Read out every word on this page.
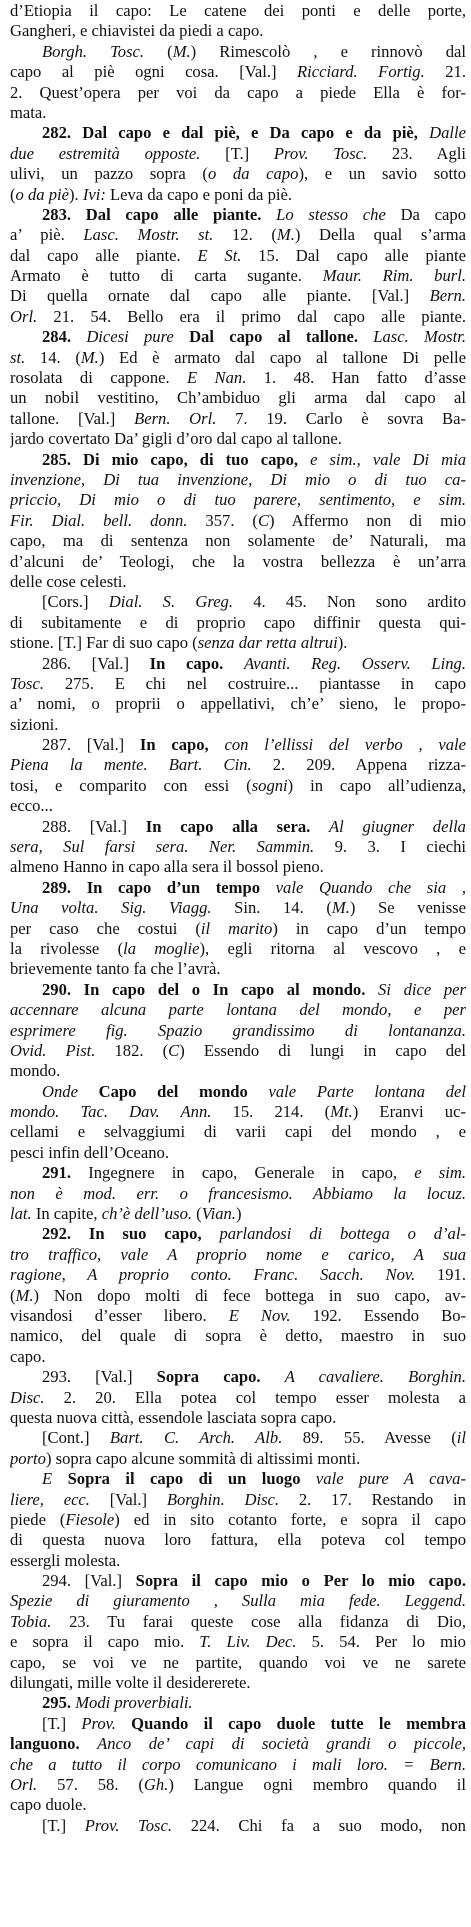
d’Etiopia il capo: Le catene dei ponti e delle porte,
Gangheri, e chiavistei da piedi a capo.
Borgh. Tosc. (M.) Rimescolò , e rinnovò dal
capo al piè ogni cosa. [Val.] Ricciard. Fortig. 21.
2. Quest’opera per voi da capo a piede Ella è for-
mata.
282. Dal capo e dal piè, e Da capo e da piè, Dalle
due estremità opposte. [T.] Prov. Tosc. 23. Agli
ulivi, un pazzo sopra (o da capo), e un savio sotto
(o da piè). Ivi: Leva da capo e poni da piè.
283. Dal capo alle piante. Lo stesso che Da capo
a’ piè. Lasc. Mostr. st. 12. (M.) Della qual s’arma
dal capo alle piante. E St. 15. Dal capo alle piante
Armato è tutto di carta sugante. Maur. Rim. burl.
Di quella ornate dal capo alle piante. [Val.] Bern.
Orl. 21. 54. Bello era il primo dal capo alle piante.
284. Dicesi pure Dal capo al tallone. Lasc. Mostr.
st. 14. (M.) Ed è armato dal capo al tallone Di pelle
rosolata di cappone. E Nan. 1. 48. Han fatto d’asse
un nobil vestitino, Ch’ambiduo gli arma dal capo al
tallone. [Val.] Bern. Orl. 7. 19. Carlo è sovra Ba-
jardo covertato Da’ gigli d’oro dal capo al tallone.
285. Di mio capo, di tuo capo, e sim., vale Di mia
invenzione, Di tua invenzione, Di mio o di tuo ca-
priccio, Di mio o di tuo parere, sentimento, e sim.
Fir. Dial. bell. donn. 357. (C) Affermo non di mio
capo, ma di sentenza non solamente de’ Naturali, ma
d’alcuni de’ Teologi, che la vostra bellezza è un’arra
delle cose celesti.
[Cors.] Dial. S. Greg. 4. 45. Non sono ardito
di subitamente e di proprio capo diffinir questa qui-
stione. [T.] Far di suo capo (senza dar retta altrui).
286. [Val.] In capo. Avanti. Reg. Osserv. Ling.
Tosc. 275. E chi nel costruire... piantasse in capo
a’ nomi, o proprii o appellativi, ch’e’ sieno, le propo-
sizioni.
287. [Val.] In capo, con l’ellissi del verbo , vale
Piena la mente. Bart. Cin. 2. 209. Appena rizza-
tosi, e comparito con essi (sogni) in capo all’udienza,
ecco...
288. [Val.] In capo alla sera. Al giugner della
sera, Sul farsi sera. Ner. Sammin. 9. 3. I ciechi
almeno Hanno in capo alla sera il bossol pieno.
289. In capo d’un tempo vale Quando che sia ,
Una volta. Sig. Viagg. Sin. 14. (M.) Se venisse
per caso che costui (il marito) in capo d’un tempo
la rivolesse (la moglie), egli ritorna al vescovo , e
brievemente tanto fa che l’avrà.
290. In capo del o In capo al mondo. Si dice per
accennare alcuna parte lontana del mondo, e per
esprimere fig. Spazio grandissimo di lontananza.
Ovid. Pist. 182. (C) Essendo di lungi in capo del
mondo.
Onde Capo del mondo vale Parte lontana del
mondo. Tac. Dav. Ann. 15. 214. (Mt.) Eranvi uc-
cellami e selvaggiumi di varii capi del mondo , e
pesci infin dell’Oceano.
291. Ingegnere in capo, Generale in capo, e sim.
non è mod. err. o francesismo. Abbiamo la locuz.
lat. In capite, ch’è dell’uso. (Vian.)
292. In suo capo, parlandosi di bottega o d’al-
tro traffico, vale A proprio nome e carico, A sua
ragione, A proprio conto. Franc. Sacch. Nov. 191.
(M.) Non dopo molti di fece bottega in suo capo, av-
visandosi d’esser libero. E Nov. 192. Essendo Bo-
namico, del quale di sopra è detto, maestro in suo
capo.
293. [Val.] Sopra capo. A cavaliere. Borghin.
Disc. 2. 20. Ella potea col tempo esser molesta a
questa nuova città, essendole lasciata sopra capo.
[Cont.] Bart. C. Arch. Alb. 89. 55. Avesse (il
porto) sopra capo alcune sommità di altissimi monti.
E Sopra il capo di un luogo vale pure A cava-
liere, ecc. [Val.] Borghin. Disc. 2. 17. Restando in
piede (Fiesole) ed in sito cotanto forte, e sopra il capo
di questa nuova loro fattura, ella poteva col tempo
essergli molesta.
294. [Val.] Sopra il capo mio o Per lo mio capo.
Spezie di giuramento , Sulla mia fede. Leggend.
Tobia. 23. Tu farai queste cose alla fidanza di Dio,
e sopra il capo mio. T. Liv. Dec. 5. 54. Per lo mio
capo, se voi ve ne partite, quando voi ve ne sarete
dilungati, mille volte il desidererete.
295. Modi proverbiali.
[T.] Prov. Quando il capo duole tutte le membra
languono. Anco de’ capi di società grandi o piccole,
che a tutto il corpo comunicano i mali loro. = Bern.
Orl. 57. 58. (Gh.) Langue ogni membro quando il
capo duole.
[T.] Prov. Tosc. 224. Chi fa a suo modo, non
